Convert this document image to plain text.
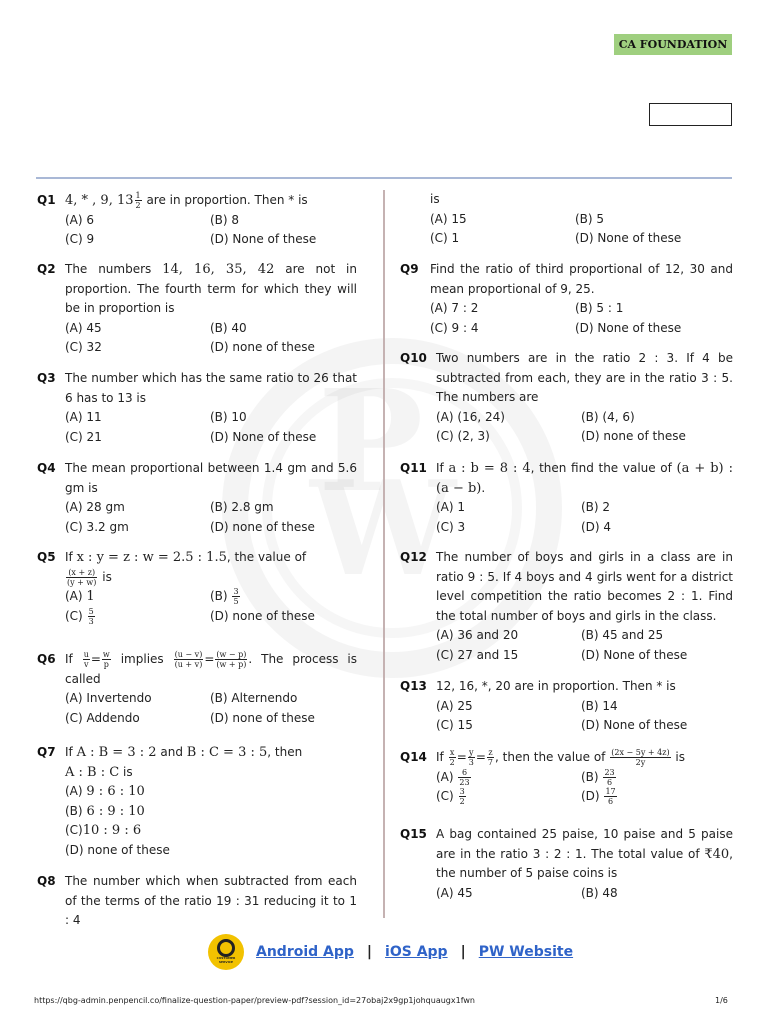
CA FOUNDATION
Q1 4, * , 9, $13 \frac{1}{2}$ are in proportion. Then * is
(A) 6	(B) 8
(C) 9	(D) None of these
Q2 The numbers 14, 16, 35, 42 are not in proportion. The fourth term for which they will be in proportion is
(A) 45	(B) 40
(C) 32	(D) none of these
Q3 The number which has the same ratio to 26 that 6 has to 13 is
(A) 11	(B) 10
(C) 21	(D) None of these
Q4 The mean proportional between 1.4 gm and 5.6 gm is
(A) 28 gm	(B) 2.8 gm
(C) 3.2 gm	(D) none of these
Q5 If x : y = z : w = 2.5 : 1.5, the value of

$\frac{(x + z)}{(y + w)}$ is
(A) 1	$(B) \frac{3}{5}$
$(C) \frac{5}{3}$	(D) none of these
Q6 If $\frac{u}{v} = \frac{w}{p}$ implies $\frac{(u - v)}{(u + v)} = \frac{(w - p)}{(w + p)}$ . The process is called
(A) Invertendo	(B) Alternendo
(C) Addendo	(D) none of these
Q7 If A : B = 3 : 2 and B : C = 3 : 5, then
A : B : C is
(A) 9 : 6 : 10
(B) 6 : 9 : 10
(C)10 : 9 : 6
(D) none of these
Q8 The number which when subtracted from each of the terms of the ratio 19 : 31 reducing it to 1 : 4
is
(A) 15	(B) 5
(C) 1	(D) None of these
Q9 Find the ratio of third proportional of 12, 30 and mean proportional of 9, 25.
(A) 7 : 2	(B) 5 : 1
(C) 9 : 4	(D) None of these
Q10 Two numbers are in the ratio 2 : 3. If 4 be subtracted from each, they are in the ratio 3 : 5. The numbers are
(A) (16, 24)	(B) (4, 6)
(C) (2, 3)	(D) none of these
Q11 If a : b = 8 : 4, then find the value of (a + b) : (a − b).
(A) 1	(B) 2
(C) 3	(D) 4
Q12 The number of boys and girls in a class are in ratio 9 : 5. If 4 boys and 4 girls went for a district level competition the ratio becomes 2 : 1. Find the total number of boys and girls in the class.
(A) 36 and 20	(B) 45 and 25
(C) 27 and 15	(D) None of these
Q13 12, 16, *, 20 are in proportion. Then * is
(A) 25	(B) 14
(C) 15	(D) None of these
Q14 If $\frac{x}{2} = \frac{y}{3} = \frac{z}{7}$ , then the value of $\frac{(2x - 5y + 4z)}{2y}$ is
$(A) \frac{6}{23}$	$(B) \frac{23}{6}$
$(C) \frac{3}{2}$	$(D) \frac{17}{6}$
Q15 A bag contained 25 paise, 10 paise and 5 paise are in the ratio 3 : 2 : 1. The total value of ₹40, the number of 5 paise coins is
(A) 45	(B) 48
CUSTOMER
SERVICE
Android App | iOS App | PW Website
https://qbg-admin.penpencil.co/finalize-question-paper/preview-pdf?session_id=27obaj2x9gp1johquaugx1fwn	1/6
